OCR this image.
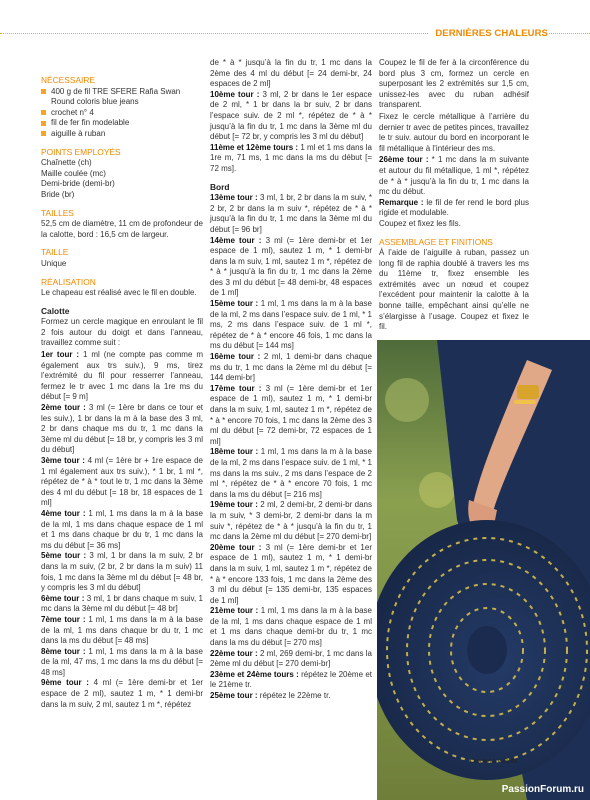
DERNIÈRES CHALEURS
NÉCESSAIRE
400 g de fil TRE SFERE Rafia Swan Round coloris blue jeans
crochet n° 4
fil de fer fin modelable
aiguille à ruban
POINTS EMPLOYÉS
Chaînette (ch)
Maille coulée (mc)
Demi-bride (demi-br)
Bride (br)
TAILLES
52,5 cm de diamètre, 11 cm de profondeur de la calotte, bord : 16,5 cm de largeur.
TAILLE
Unique
RÉALISATION
Le chapeau est réalisé avec le fil en double.
Calotte
Formez un cercle magique en enroulant le fil 2 fois autour du doigt et dans l’anneau, travaillez comme suit :
1er tour : 1 ml (ne compte pas comme m également aux trs suiv.), 9 ms, tirez l’extrémité du fil pour resserrer l’anneau, fermez le tr avec 1 mc dans la 1re ms du début [= 9 m]
2ème tour : 3 ml (= 1ère br dans ce tour et les suiv.), 1 br dans la m à la base des 3 ml, 2 br dans chaque ms du tr, 1 mc dans la 3ème ml du début [= 18 br, y compris les 3 ml du début]
3ème tour : 4 ml (= 1ère br + 1re espace de 1 ml également aux trs suiv.), * 1 br, 1 ml *, répétez de * à * tout le tr, 1 mc dans la 3ème des 4 ml du début [= 18 br, 18 espaces de 1 ml]
4ème tour : 1 ml, 1 ms dans la m à la base de la ml, 1 ms dans chaque espace de 1 ml et 1 ms dans chaque br du tr, 1 mc dans la ms du début [= 36 ms]
5ème tour : 3 ml, 1 br dans la m suiv, 2 br dans la m suiv, (2 br, 2 br dans la m suiv) 11 fois, 1 mc dans la 3ème ml du début [= 48 br, y compris les 3 ml du début]
6ème tour : 3 ml, 1 br dans chaque m suiv, 1 mc dans la 3ème ml du début [= 48 br]
7ème tour : 1 ml, 1 ms dans la m à la base de la ml, 1 ms dans chaque br du tr, 1 mc dans la ms du début [= 48 ms]
8ème tour : 1 ml, 1 ms dans la m à la base de la ml, 47 ms, 1 mc dans la ms du début [= 48 ms]
9ème tour : 4 ml (= 1ère demi-br et 1er espace de 2 ml), sautez 1 m, * 1 demi-br dans la m suiv, 2 ml, sautez 1 m *, répétez
de * à * jusqu’à la fin du tr, 1 mc dans la 2ème des 4 ml du début [= 24 demi-br, 24 espaces de 2 ml]
10ème tour : 3 ml, 2 br dans le 1er espace de 2 ml, * 1 br dans la br suiv, 2 br dans l’espace suiv. de 2 ml *, répétez de * à * jusqu’à la fin du tr, 1 mc dans la 3ème ml du début [= 72 br, y compris les 3 ml du début]
11ème et 12ème tours : 1 ml et 1 ms dans la 1re m, 71 ms, 1 mc dans la ms du début [= 72 ms].
Bord
13ème tour : 3 ml, 1 br, 2 br dans la m suiv, * 2 br, 2 br dans la m suiv *, répétez de * à * jusqu’à la fin du tr, 1 mc dans la 3ème ml du début [= 96 br]
14ème tour : 3 ml (= 1ère demi-br et 1er espace de 1 ml), sautez 1 m, * 1 demi-br dans la m suiv, 1 ml, sautez 1 m *, répétez de * à * jusqu’à la fin du tr, 1 mc dans la 2ème des 3 ml du début [= 48 demi-br, 48 espaces de 1 ml]
15ème tour : 1 ml, 1 ms dans la m à la base de la ml, 2 ms dans l’espace suiv. de 1 ml, * 1 ms, 2 ms dans l’espace suiv. de 1 ml *, répétez de * à * encore 46 fois, 1 mc dans la ms du début [= 144 ms]
16ème tour : 2 ml, 1 demi-br dans chaque ms du tr, 1 mc dans la 2ème ml du début [= 144 demi-br]
17ème tour : 3 ml (= 1ère demi-br et 1er espace de 1 ml), sautez 1 m, * 1 demi-br dans la m suiv, 1 ml, sautez 1 m *, répétez de * à * encore 70 fois, 1 mc dans la 2ème des 3 ml du début [= 72 demi-br, 72 espaces de 1 ml]
18ème tour : 1 ml, 1 ms dans la m à la base de la ml, 2 ms dans l’espace suiv. de 1 ml, * 1 ms dans la ms suiv., 2 ms dans l’espace de 2 ml *, répétez de * à * encore 70 fois, 1 mc dans la ms du début [= 216 ms]
19ème tour : 2 ml, 2 demi-br, 2 demi-br dans la m suiv, * 3 demi-br, 2 demi-br dans la m suiv *, répétez de * à * jusqu’à la fin du tr, 1 mc dans la 2ème ml du début [= 270 demi-br]
20ème tour : 3 ml (= 1ère demi-br et 1er espace de 1 ml), sautez 1 m, * 1 demi-br dans la m suiv, 1 ml, sautez 1 m *, répétez de * à * encore 133 fois, 1 mc dans la 2ème des 3 ml du début [= 135 demi-br, 135 espaces de 1 ml]
21ème tour : 1 ml, 1 ms dans la m à la base de la ml, 1 ms dans chaque espace de 1 ml et 1 ms dans chaque demi-br du tr, 1 mc dans la ms du début [= 270 ms]
22ème tour : 2 ml, 269 demi-br, 1 mc dans la 2ème ml du début [= 270 demi-br]
23ème et 24ème tours : répétez le 20ème et le 21ème tr.
25ème tour : répétez le 22ème tr.
Coupez le fil de fer à la circonférence du bord plus 3 cm, formez un cercle en superposant les 2 extrémités sur 1,5 cm, unissez-les avec du ruban adhésif transparent.
Fixez le cercle métallique à l’arrière du dernier tr avec de petites pinces, travaillez le tr suiv. autour du bord en incorporant le fil métallique à l’intérieur des ms.
26ème tour : * 1 mc dans la m suivante et autour du fil métallique, 1 ml *, répétez de * à * jusqu’à la fin du tr, 1 mc dans la mc du début.
Remarque : le fil de fer rend le bord plus rigide et modulable.
Coupez et fixez les fils.
ASSEMBLAGE ET FINITIONS
À l’aide de l’aiguille à ruban, passez un long fil de raphia doublé à travers les ms du 11ème tr, fixez ensemble les extrémités avec un nœud et coupez l’excédent pour maintenir la calotte à la bonne taille, empêchant ainsi qu’elle ne s’élargisse à l’usage. Coupez et fixez le fil.
Crochet à volonté
PassionForum.ru
